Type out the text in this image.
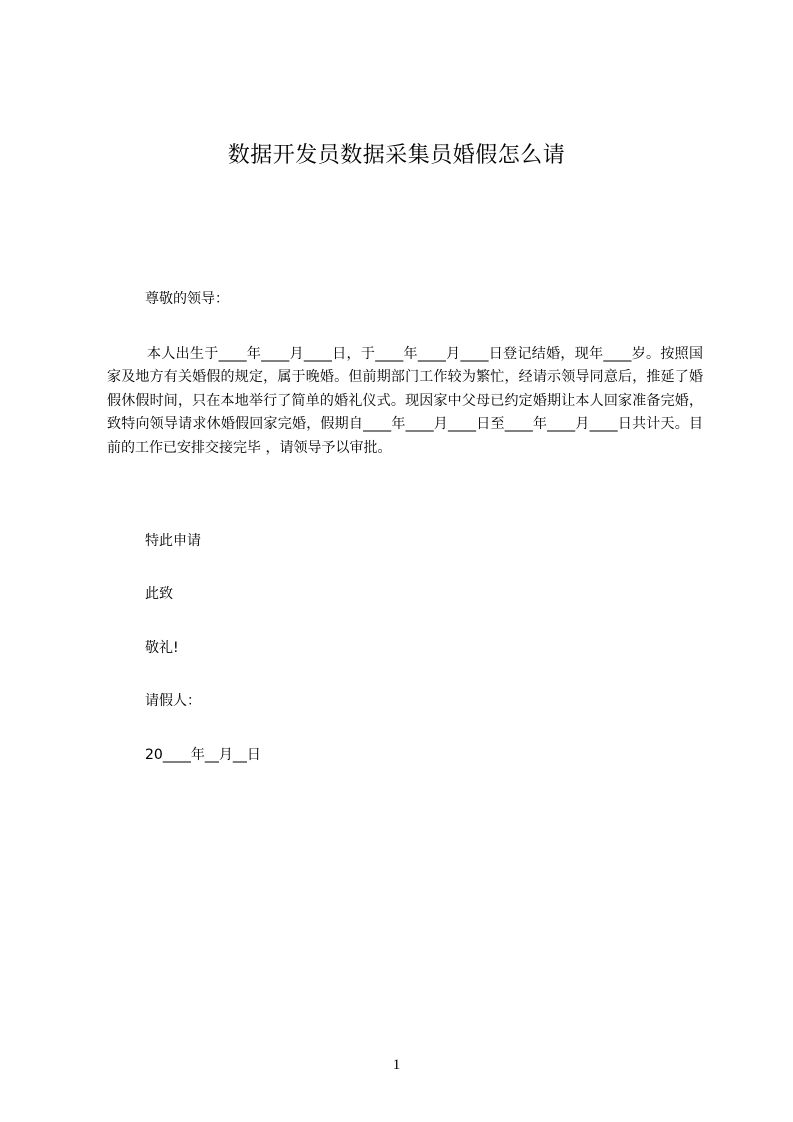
数据开发员数据采集员婚假怎么请
尊敬的领导：
本人出生于____年____月____日，于____年____月____日登记结婚，现年____岁。按照国家及地方有关婚假的规定，属于晚婚。但前期部门工作较为繁忙，经请示领导同意后，推延了婚假休假时间，只在本地举行了简单的婚礼仪式。现因家中父母已约定婚期让本人回家准备完婚，致特向领导请求休婚假回家完婚，假期自____年____月____日至____年____月____日共计天。目前的工作已安排交接完毕 ，请领导予以审批。
特此申请
此致
敬礼!
请假人：
20____年__月__日
1
